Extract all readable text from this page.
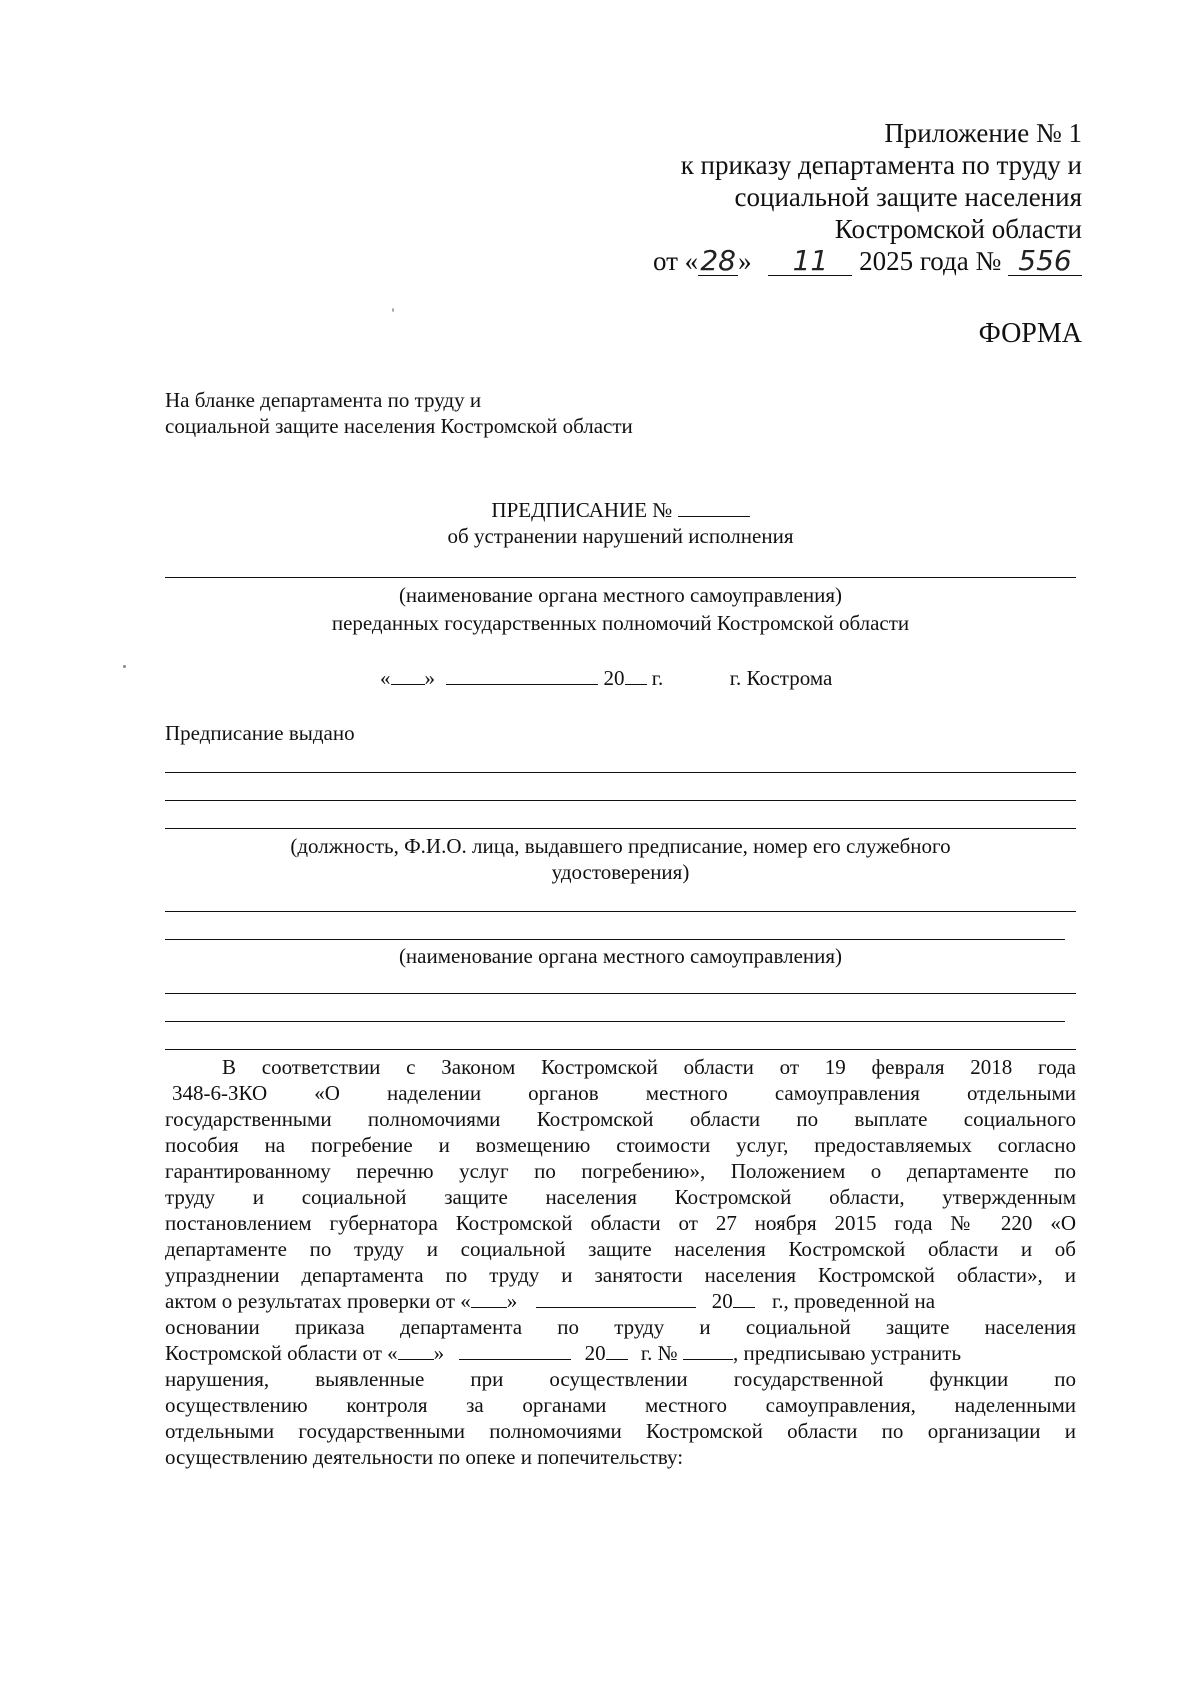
Приложение № 1
к приказу департамента по труду и
социальной защите населения
Костромской области
от «28» 11 2025 года № 556
ФОРМА
На бланке департамента по труду и
социальной защите населения Костромской области
ПРЕДПИСАНИЕ №
об устранении нарушений исполнения
(наименование органа местного самоуправления)
переданных государственных полномочий Костромской области
« »	20 г.	г. Кострома
Предписание выдано
(должность, Ф.И.О. лица, выдавшего предписание, номер его служебного
удостоверения)
(наименование органа местного самоуправления)
В соответствии с Законом Костромской области от 19 февраля 2018 года
348-6-ЗКО «О наделении органов местного самоуправления отдельными
государственными полномочиями Костромской области по выплате социального
пособия на погребение и возмещению стоимости услуг, предоставляемых согласно
гарантированному перечню услуг по погребению», Положением о департаменте по
труду и социальной защите населения Костромской области, утвержденным
постановлением губернатора Костромской области от 27 ноября 2015 года № 220 «О
департаменте по труду и социальной защите населения Костромской области и об
упразднении департамента по труду и занятости населения Костромской области», и
актом о результатах проверки от « »	20 г., проведенной на
основании приказа департамента по труду и социальной защите населения
Костромской области от « »	20 г. №	, предписываю устранить
нарушения, выявленные при осуществлении государственной функции по
осуществлению контроля за органами местного самоуправления, наделенными
отдельными государственными полномочиями Костромской области по организации и
осуществлению деятельности по опеке и попечительству:
